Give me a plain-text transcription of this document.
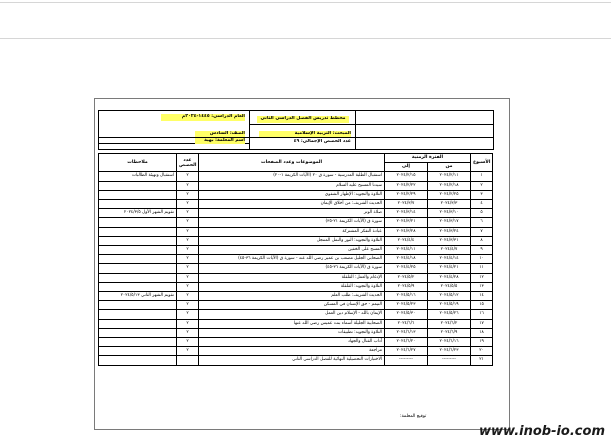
العام الدراسي: ١٤٤٥-٢٠٢٤م	مخطط تدريس الفصل الدراسي الثاني
الصف: السادس	المبحث: التربية الإسلامية
اسم المعلمة: بهية	عدد الحصص الإجمالي: ٤٩
ملاحظات	عدد الحصص	الموضوعات وعدد الصفحات	الفترة الزمنية		الأسبوع
			إلى	من	
استقبال وتهيئة الطالبات	٢	استقبال الطلبة المدرسية - سورة ق ٢٠ (الآيات الكريمة ١-٢٠)	٢٠٢٤/٢/١٥	٢٠٢٤/٢/١١	١
	٢	سيدنا المسيح عليه السلام	٢٠٢٤/٢/٢٢	٢٠٢٤/٢/١٨	٢
	٢	التلاوة والتجويد: الإظهار الشفوي	٢٠٢٤/٢/٢٩	٢٠٢٤/٢/٢٥	٣
	٢	الحديث الشريف: من أخلاق الإيمان	٢٠٢٤/٣/٧	٢٠٢٤/٣/٣	٤
تقويم الشهر الأول ٢٠٢٤/٣/٥	٢	صلاة الوتر	٢٠٢٤/٣/١٤	٢٠٢٤/٣/١٠	٥
	٢	سورة ق (الآيات الكريمة ٢١-٣٥)	٢٠٢٤/٣/٢١	٢٠٢٤/٣/١٧	٦
	٢	عبادة التفكر المشتركة	٢٠٢٤/٣/٢٨	٢٠٢٤/٣/٢٤	٧
	٢	التلاوة والتجويد: النور والنمل المتنجل	٢٠٢٤/٤/٤	٢٠٢٤/٣/٣١	٨
	٢	المسح على الخفين	٢٠٢٤/٤/١١	٢٠٢٤/٤/٧	٩
	٢	الصحابي الجليل مصعب بن عمير رضي الله عنه - سورة ق (الآيات الكريمة ٣٦-٤٥)	٢٠٢٤/٤/١٨	٢٠٢٤/٤/١٤	١٠
	٢	سورة ق (الآيات الكريمة ٣٦-٤٥)	٢٠٢٤/٤/٢٥	٢٠٢٤/٤/٢١	١١
	٢	الإدغام والعمل: القلقلة	٢٠٢٤/٥/٢	٢٠٢٤/٤/٢٨	١٢
	٢	التلاوة والتجويد: القلقلة	٢٠٢٤/٥/٩	٢٠٢٤/٥/٥	١٣
تقويم الشهر الثاني ٢٠٢٤/٥/١٣	٢	الحديث الشريف: طلب العلم	٢٠٢٤/٥/١٦	٢٠٢٤/٥/١٢	١٤
	٢	التيمم - حق الإنسان في المسكن	٢٠٢٤/٥/٢٣	٢٠٢٤/٥/١٩	١٥
	٢	الإيمان بالله - الإسلام دين العمل	٢٠٢٤/٥/٣٠	٢٠٢٤/٥/٢٦	١٦
	٢	الصحابية الجليلة أسماء بنت عميس رضي الله عنها	٢٠٢٤/٦/٦	٢٠٢٤/٦/٢	١٧
	٢	التلاوة والتجويد: تطبيقات	٢٠٢٤/٦/١٣	٢٠٢٤/٦/٩	١٨
	٢	آداب القتال والجهاد	٢٠٢٤/٦/٢٠	٢٠٢٤/٦/١٦	١٩
	٢	مراجعة	٢٠٢٤/٦/٢٧	٢٠٢٤/٦/٢٣	٢٠
		الاختبارات التحصيلية النهائية للفصل الدراسي الثاني	---------	---------	٢١
توقيع المعلمة:
www.inob-io.com
